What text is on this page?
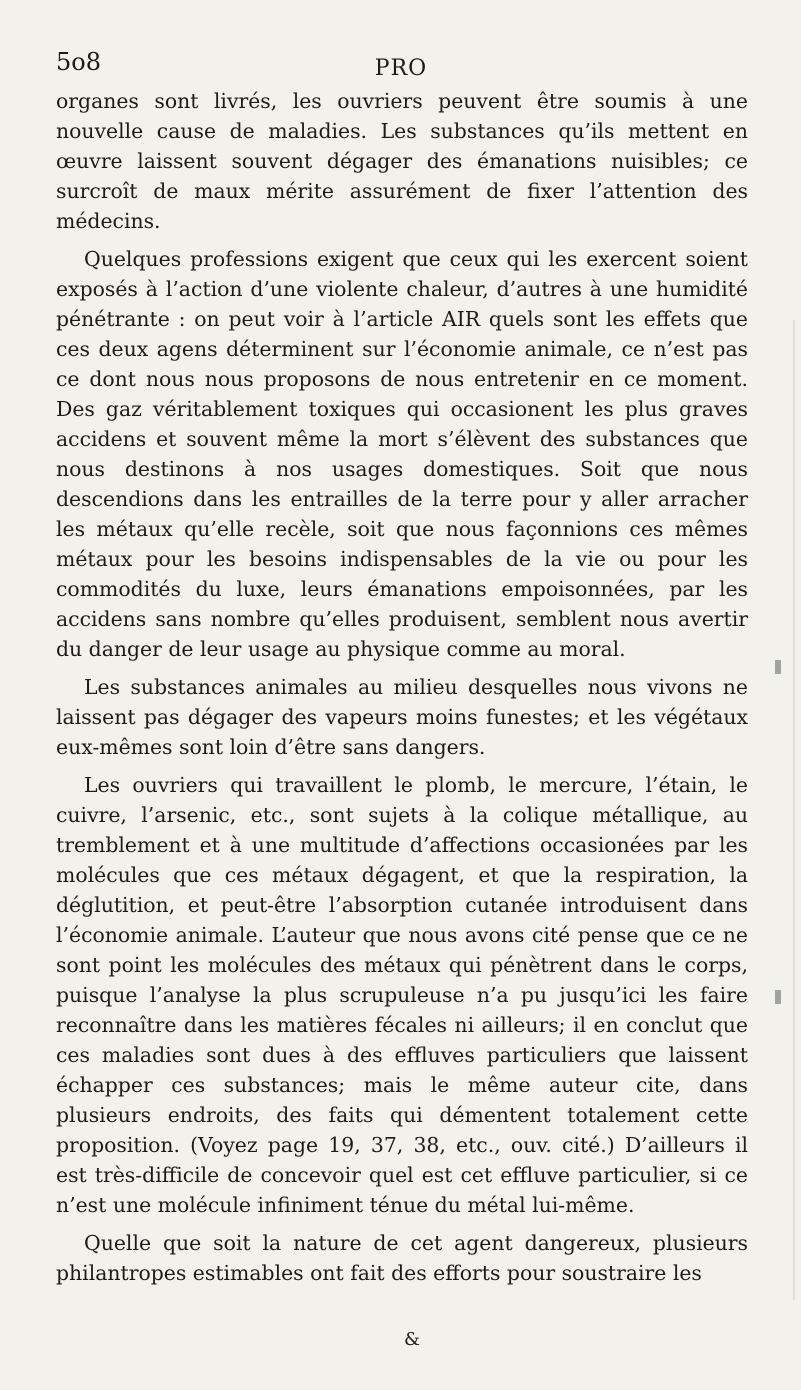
5o8	PRO

organes sont livrés, les ouvriers peuvent être soumis à une nouvelle cause de maladies. Les substances qu’ils mettent en œuvre laissent souvent dégager des émanations nuisibles; ce surcroît de maux mérite assurément de fixer l’attention des médecins.

Quelques professions exigent que ceux qui les exercent soient exposés à l’action d’une violente chaleur, d’autres à une humidité pénétrante : on peut voir à l’article AIR quels sont les effets que ces deux agens déterminent sur l’économie animale, ce n’est pas ce dont nous nous proposons de nous entretenir en ce moment. Des gaz véritablement toxiques qui occasionent les plus graves accidens et souvent même la mort s’élèvent des substances que nous destinons à nos usages domestiques. Soit que nous descendions dans les entrailles de la terre pour y aller arracher les métaux qu’elle recèle, soit que nous façonnions ces mêmes métaux pour les besoins indispensables de la vie ou pour les commodités du luxe, leurs émanations empoisonnées, par les accidens sans nombre qu’elles produisent, semblent nous avertir du danger de leur usage au physique comme au moral.

Les substances animales au milieu desquelles nous vivons ne laissent pas dégager des vapeurs moins funestes; et les végétaux eux-mêmes sont loin d’être sans dangers.

Les ouvriers qui travaillent le plomb, le mercure, l’étain, le cuivre, l’arsenic, etc., sont sujets à la colique métallique, au tremblement et à une multitude d’affections occasionées par les molécules que ces métaux dégagent, et que la respiration, la déglutition, et peut-être l’absorption cutanée introduisent dans l’économie animale. L’auteur que nous avons cité pense que ce ne sont point les molécules des métaux qui pénètrent dans le corps, puisque l’analyse la plus scrupuleuse n’a pu jusqu’ici les faire reconnaître dans les matières fécales ni ailleurs; il en conclut que ces maladies sont dues à des effluves particuliers que laissent échapper ces substances; mais le même auteur cite, dans plusieurs endroits, des faits qui démentent totalement cette proposition. (Voyez page 19, 37, 38, etc., ouv. cité.) D’ailleurs il est très-difficile de concevoir quel est cet effluve particulier, si ce n’est une molécule infiniment ténue du métal lui-même.

Quelle que soit la nature de cet agent dangereux, plusieurs philantropes estimables ont fait des efforts pour soustraire les

&
